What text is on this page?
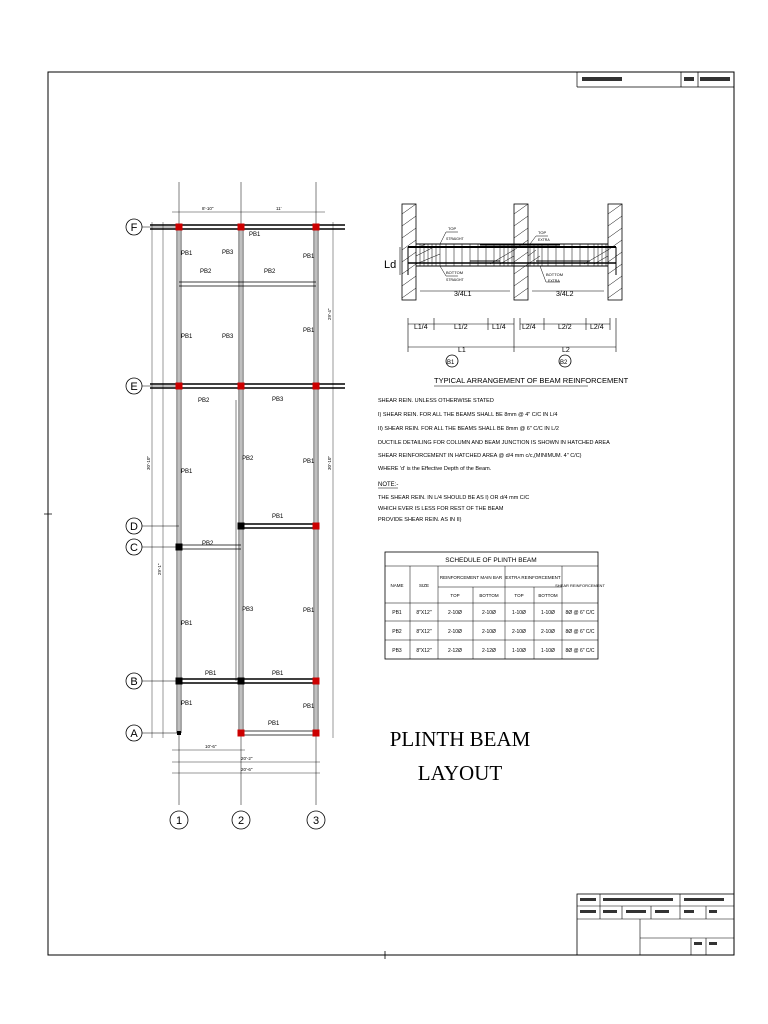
F
E
D
C
B
A
1	2	3
PB1	PB3
PB1
PB1
PB2	PB2
PB1	PB3
PB1
PB2	PB3
PB1
PB2	PB1
PB1
PB2
PB3
PB1
PB1
PB1	PB1
PB1	PB1
PB1
8'-10"	11'
30'-10"
29'-1"
30'-10"
29'-4"
10'-6"
20'-2"
20'-6"
TOP
STRAIGHT
TOP
EXTRA
BOTTOM
STRAIGHT
BOTTOM
EXTRA
Ld
3/4L1	3/4L2
L1/4	L1/2	L1/4 L2/4	L2/2	L2/4
L1	L2
B1	B2
TYPICAL ARRANGEMENT OF BEAM REINFORCEMENT
SHEAR REIN. UNLESS OTHERWISE STATED
I) SHEAR REIN. FOR ALL THE BEAMS SHALL BE 8mm @ 4" C/C IN L/4
II) SHEAR REIN. FOR ALL THE BEAMS SHALL BE 8mm @ 6" C/C IN L/2
DUCTILE DETAILING FOR COLUMN AND BEAM JUNCTION IS SHOWN IN HATCHED AREA
SHEAR REINFORCEMENT IN HATCHED AREA @ d/4 mm c/c,(MINIMUM. 4" C/C)
WHERE 'd' is the Effective Depth of the Beam.
NOTE:-
THE SHEAR REIN. IN L/4 SHOULD BE AS I) OR d/4 mm C/C
WHICH EVER IS LESS FOR REST OF THE BEAM
PROVIDE SHEAR REIN. AS IN II)
SCHEDULE OF PLINTH BEAM
NAME	SIZE
REINFORCEMENT MAIN BAR EXTRA REINFORCEMENT
SHEAR REINFORCEMENT
TOP	BOTTOM	TOP	BOTTOM
PB1	8"X12"	2-10Ø	2-10Ø	1-10Ø	1-10Ø 8Ø @ 6" C/C
PB2	8"X12"	2-10Ø	2-10Ø	2-10Ø	2-10Ø 8Ø @ 6" C/C
PB3	8"X12"	2-12Ø	2-12Ø	1-10Ø	1-10Ø 8Ø @ 6" C/C
PLINTH BEAM
LAYOUT
